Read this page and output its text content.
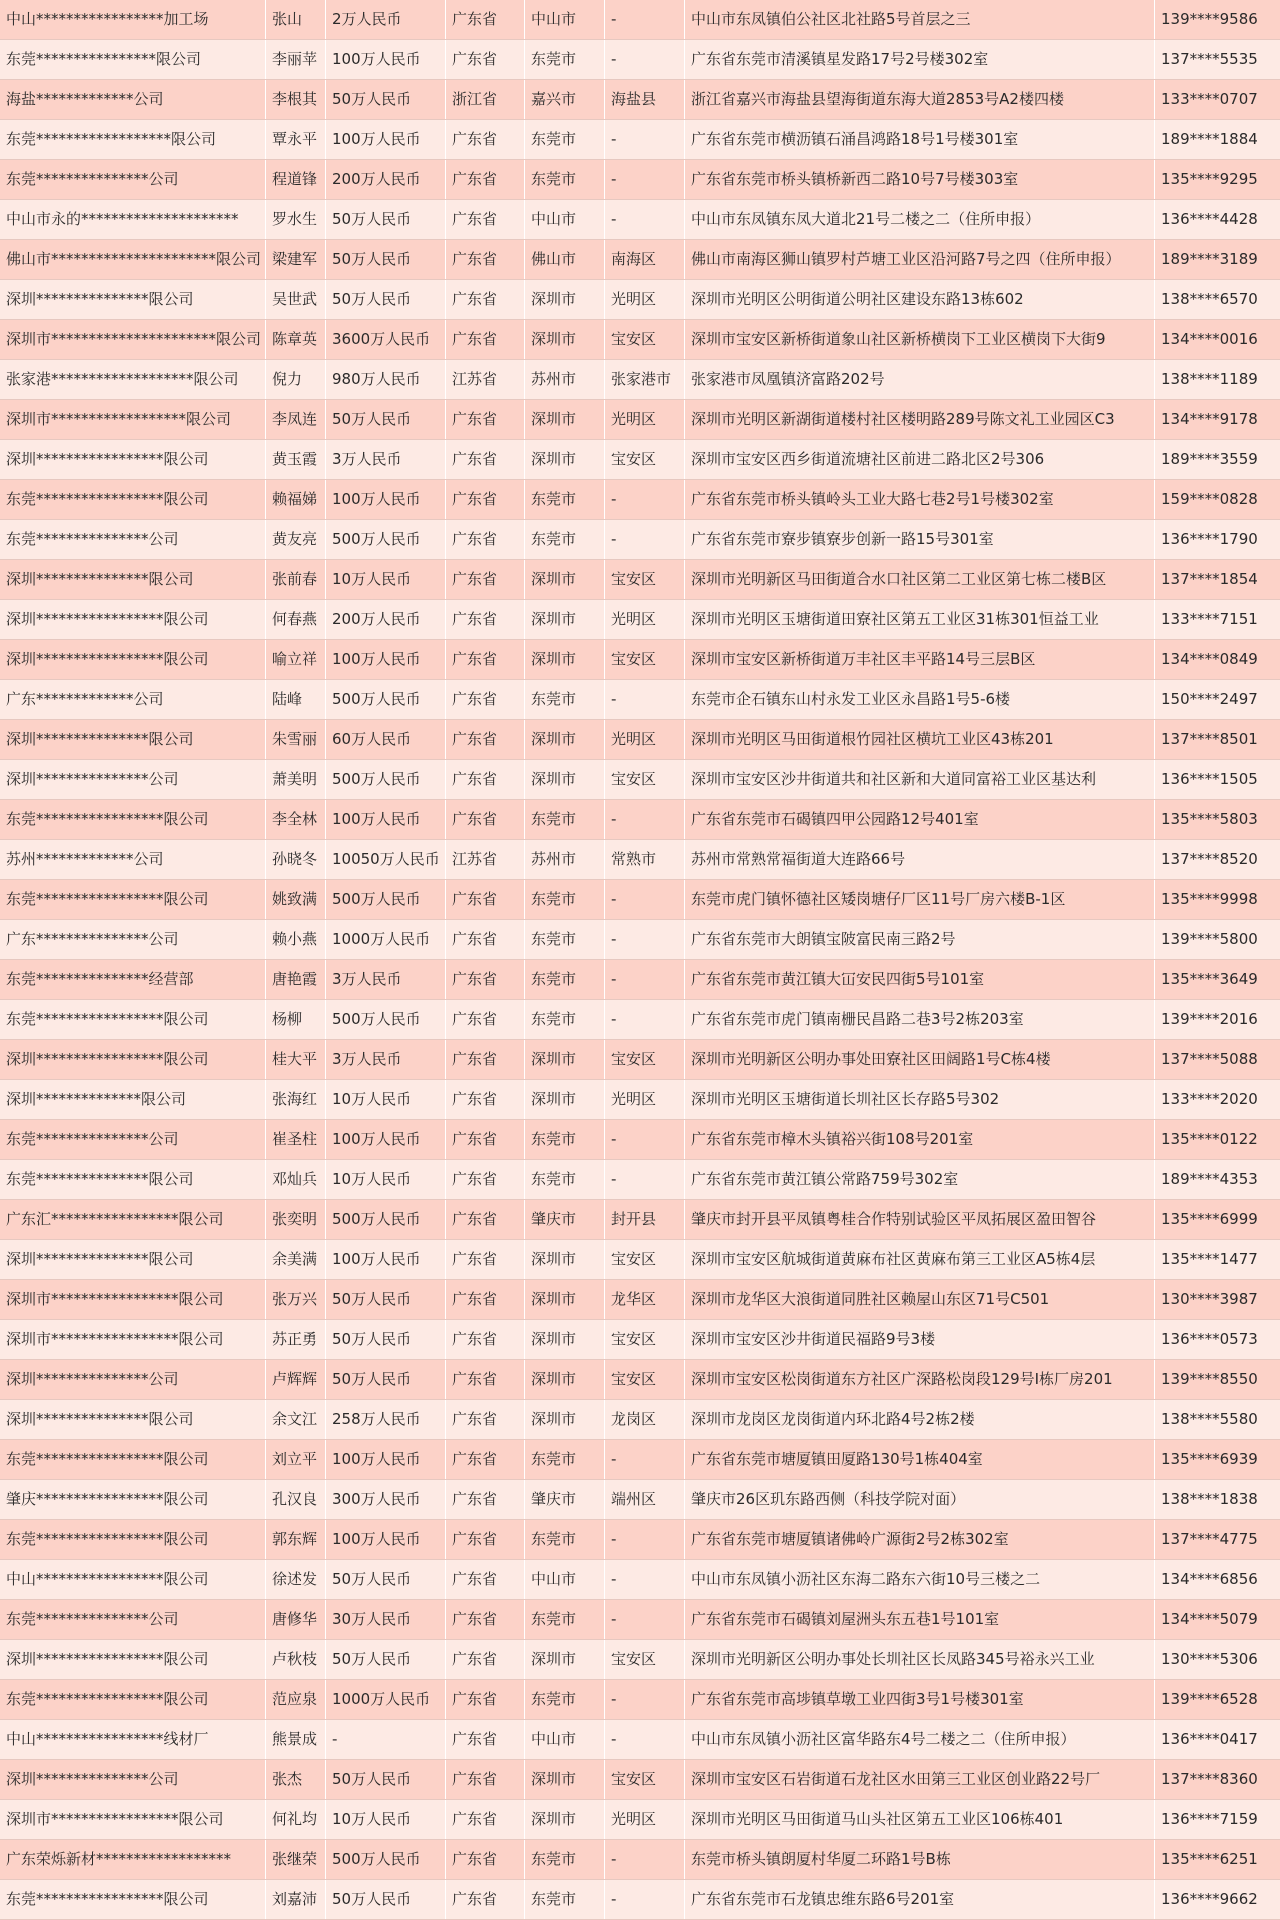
中山*****************加工场	张山	2万人民币	广东省	中山市	-	中山市东凤镇伯公社区北社路5号首层之三	139****9586
东莞****************限公司	李丽苹 100万人民币	广东省	东莞市	-	广东省东莞市清溪镇星发路17号2号楼302室	137****5535
海盐*************公司	李根其 50万人民币	浙江省	嘉兴市	海盐县	浙江省嘉兴市海盐县望海街道东海大道2853号A2楼四楼	133****0707
东莞******************限公司	覃永平 100万人民币	广东省	东莞市	-	广东省东莞市横沥镇石涌昌鸿路18号1号楼301室	189****1884
东莞***************公司	程道锋 200万人民币	广东省	东莞市	-	广东省东莞市桥头镇桥新西二路10号7号楼303室	135****9295
中山市永的*********************	罗水生 50万人民币	广东省	中山市	-	中山市东凤镇东凤大道北21号二楼之二（住所申报）	136****4428
佛山市**********************限公司 梁建军 50万人民币	广东省	佛山市	南海区	佛山市南海区狮山镇罗村芦塘工业区沿河路7号之四（住所申报）	189****3189
深圳***************限公司	吴世武 50万人民币	广东省	深圳市	光明区	深圳市光明区公明街道公明社区建设东路13栋602	138****6570
深圳市**********************限公司 陈章英 3600万人民币	广东省	深圳市	宝安区	深圳市宝安区新桥街道象山社区新桥横岗下工业区横岗下大街9	134****0016
张家港*******************限公司	倪力	980万人民币	江苏省	苏州市	张家港市	张家港市凤凰镇济富路202号	138****1189
深圳市******************限公司	李凤连 50万人民币	广东省	深圳市	光明区	深圳市光明区新湖街道楼村社区楼明路289号陈文礼工业园区C3	134****9178
深圳*****************限公司	黄玉霞 3万人民币	广东省	深圳市	宝安区	深圳市宝安区西乡街道流塘社区前进二路北区2号306	189****3559
东莞*****************限公司	赖福娣 100万人民币	广东省	东莞市	-	广东省东莞市桥头镇岭头工业大路七巷2号1号楼302室	159****0828
东莞***************公司	黄友亮 500万人民币	广东省	东莞市	-	广东省东莞市寮步镇寮步创新一路15号301室	136****1790
深圳***************限公司	张前春 10万人民币	广东省	深圳市	宝安区	深圳市光明新区马田街道合水口社区第二工业区第七栋二楼B区	137****1854
深圳*****************限公司	何春燕 200万人民币	广东省	深圳市	光明区	深圳市光明区玉塘街道田寮社区第五工业区31栋301恒益工业	133****7151
深圳*****************限公司	喻立祥 100万人民币	广东省	深圳市	宝安区	深圳市宝安区新桥街道万丰社区丰平路14号三层B区	134****0849
广东*************公司	陆峰	500万人民币	广东省	东莞市	-	东莞市企石镇东山村永发工业区永昌路1号5-6楼	150****2497
深圳***************限公司	朱雪丽 60万人民币	广东省	深圳市	光明区	深圳市光明区马田街道根竹园社区横坑工业区43栋201	137****8501
深圳***************公司	萧美明 500万人民币	广东省	深圳市	宝安区	深圳市宝安区沙井街道共和社区新和大道同富裕工业区基达利	136****1505
东莞*****************限公司	李全林 100万人民币	广东省	东莞市	-	广东省东莞市石碣镇四甲公园路12号401室	135****5803
苏州*************公司	孙晓冬 10050万人民币 江苏省	苏州市	常熟市	苏州市常熟常福街道大连路66号	137****8520
东莞*****************限公司	姚致满 500万人民币	广东省	东莞市	-	东莞市虎门镇怀德社区矮岗塘仔厂区11号厂房六楼B-1区	135****9998
广东***************公司	赖小燕 1000万人民币	广东省	东莞市	-	广东省东莞市大朗镇宝陂富民南三路2号	139****5800
东莞***************经营部	唐艳霞 3万人民币	广东省	东莞市	-	广东省东莞市黄江镇大冚安民四街5号101室	135****3649
东莞*****************限公司	杨柳	500万人民币	广东省	东莞市	-	广东省东莞市虎门镇南栅民昌路二巷3号2栋203室	139****2016
深圳*****************限公司	桂大平 3万人民币	广东省	深圳市	宝安区	深圳市光明新区公明办事处田寮社区田阔路1号C栋4楼	137****5088
深圳**************限公司	张海红 10万人民币	广东省	深圳市	光明区	深圳市光明区玉塘街道长圳社区长存路5号302	133****2020
东莞***************公司	崔圣柱 100万人民币	广东省	东莞市	-	广东省东莞市樟木头镇裕兴街108号201室	135****0122
东莞***************限公司	邓灿兵 10万人民币	广东省	东莞市	-	广东省东莞市黄江镇公常路759号302室	189****4353
广东汇*****************限公司	张奕明 500万人民币	广东省	肇庆市	封开县	肇庆市封开县平凤镇粤桂合作特别试验区平凤拓展区盈田智谷	135****6999
深圳***************限公司	余美满 100万人民币	广东省	深圳市	宝安区	深圳市宝安区航城街道黄麻布社区黄麻布第三工业区A5栋4层	135****1477
深圳市*****************限公司	张万兴 50万人民币	广东省	深圳市	龙华区	深圳市龙华区大浪街道同胜社区赖屋山东区71号C501	130****3987
深圳市*****************限公司	苏正勇 50万人民币	广东省	深圳市	宝安区	深圳市宝安区沙井街道民福路9号3楼	136****0573
深圳***************公司	卢辉辉 50万人民币	广东省	深圳市	宝安区	深圳市宝安区松岗街道东方社区广深路松岗段129号I栋厂房201	139****8550
深圳***************限公司	余文江 258万人民币	广东省	深圳市	龙岗区	深圳市龙岗区龙岗街道内环北路4号2栋2楼	138****5580
东莞*****************限公司	刘立平 100万人民币	广东省	东莞市	-	广东省东莞市塘厦镇田厦路130号1栋404室	135****6939
肇庆*****************限公司	孔汉良 300万人民币	广东省	肇庆市	端州区	肇庆市26区玑东路西侧（科技学院对面）	138****1838
东莞*****************限公司	郭东辉 100万人民币	广东省	东莞市	-	广东省东莞市塘厦镇诸佛岭广源街2号2栋302室	137****4775
中山*****************限公司	徐述发 50万人民币	广东省	中山市	-	中山市东凤镇小沥社区东海二路东六街10号三楼之二	134****6856
东莞***************公司	唐修华 30万人民币	广东省	东莞市	-	广东省东莞市石碣镇刘屋洲头东五巷1号101室	134****5079
深圳*****************限公司	卢秋枝 50万人民币	广东省	深圳市	宝安区	深圳市光明新区公明办事处长圳社区长凤路345号裕永兴工业	130****5306
东莞*****************限公司	范应泉 1000万人民币	广东省	东莞市	-	广东省东莞市高埗镇草墩工业四街3号1号楼301室	139****6528
中山*****************线材厂	熊景成 -	广东省	中山市	-	中山市东凤镇小沥社区富华路东4号二楼之二（住所申报）	136****0417
深圳***************公司	张杰	50万人民币	广东省	深圳市	宝安区	深圳市宝安区石岩街道石龙社区水田第三工业区创业路22号厂	137****8360
深圳市*****************限公司	何礼均 10万人民币	广东省	深圳市	光明区	深圳市光明区马田街道马山头社区第五工业区106栋401	136****7159
广东荣烁新材******************	张继荣 500万人民币	广东省	东莞市	-	东莞市桥头镇朗厦村华厦二环路1号B栋	135****6251
东莞*****************限公司	刘嘉沛 50万人民币	广东省	东莞市	-	广东省东莞市石龙镇忠维东路6号201室	136****9662
